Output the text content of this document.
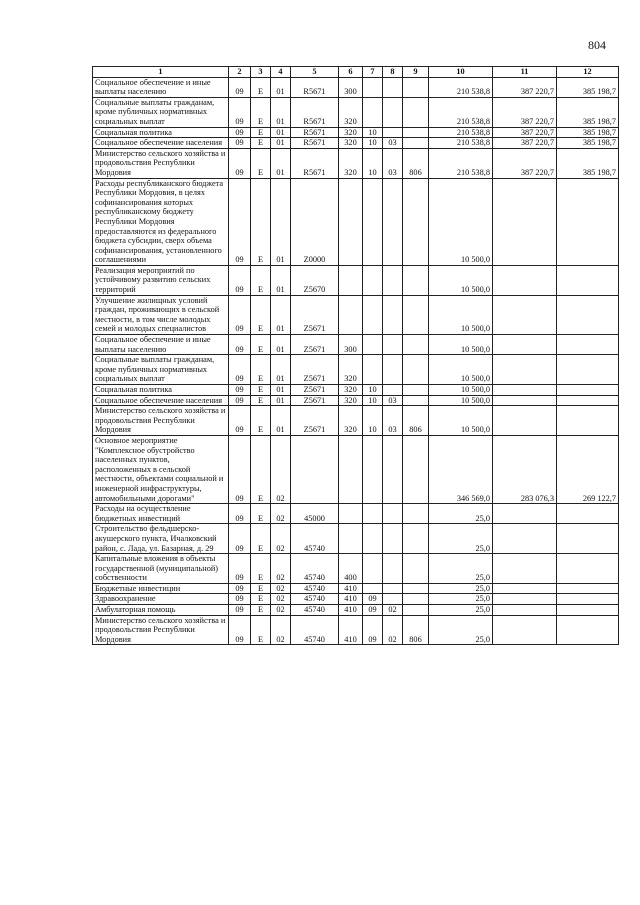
804
1	2	3	4	5	6	7	8	9	10	11	12
Социальное обеспечение и иные выплаты населению	09	Е	01	R5671	300				210 538,8	387 220,7	385 198,7
Социальные выплаты гражданам, кроме публичных нормативных социальных выплат	09	Е	01	R5671	320				210 538,8	387 220,7	385 198,7
Социальная политика	09	Е	01	R5671	320	10			210 538,8	387 220,7	385 198,7
Социальное обеспечение населения	09	Е	01	R5671	320	10	03		210 538,8	387 220,7	385 198,7
Министерство сельского хозяйства и продовольствия Республики Мордовия	09	Е	01	R5671	320	10	03	806	210 538,8	387 220,7	385 198,7
Расходы республиканского бюджета Республики Мордовия, в целях софинансирования которых республиканскому бюджету Республики Мордовия предоставляются из федерального бюджета субсидии, сверх объема софинансирования, установленного соглашениями	09	Е	01	Z0000					10 500,0		
Реализация мероприятий по устойчивому развитию сельских территорий	09	Е	01	Z5670					10 500,0		
Улучшение жилищных условий граждан, проживающих в сельской местности, в том числе молодых семей и молодых специалистов	09	Е	01	Z5671					10 500,0		
Социальное обеспечение и иные выплаты населению	09	Е	01	Z5671	300				10 500,0		
Социальные выплаты гражданам, кроме публичных нормативных социальных выплат	09	Е	01	Z5671	320				10 500,0		
Социальная политика	09	Е	01	Z5671	320	10			10 500,0		
Социальное обеспечение населения	09	Е	01	Z5671	320	10	03		10 500,0		
Министерство сельского хозяйства и продовольствия Республики Мордовия	09	Е	01	Z5671	320	10	03	806	10 500,0		
Основное мероприятие "Комплексное обустройство населенных пунктов, расположенных в сельской местности, объектами социальной и инженерной инфраструктуры, автомобильными дорогами"	09	Е	02						346 569,0	283 076,3	269 122,7
Расходы на осуществление бюджетных инвестиций	09	Е	02	45000					25,0		
Строительство фельдшерско-акушерского пункта, Ичалковский район, с. Лада, ул. Базарная, д. 29	09	Е	02	45740					25,0		
Капитальные вложения в объекты государственной (муниципальной) собственности	09	Е	02	45740	400				25,0		
Бюджетные инвестиции	09	Е	02	45740	410				25,0		
Здравоохранение	09	Е	02	45740	410	09			25,0		
Амбулаторная помощь	09	Е	02	45740	410	09	02		25,0		
Министерство сельского хозяйства и продовольствия Республики Мордовия	09	Е	02	45740	410	09	02	806	25,0		
